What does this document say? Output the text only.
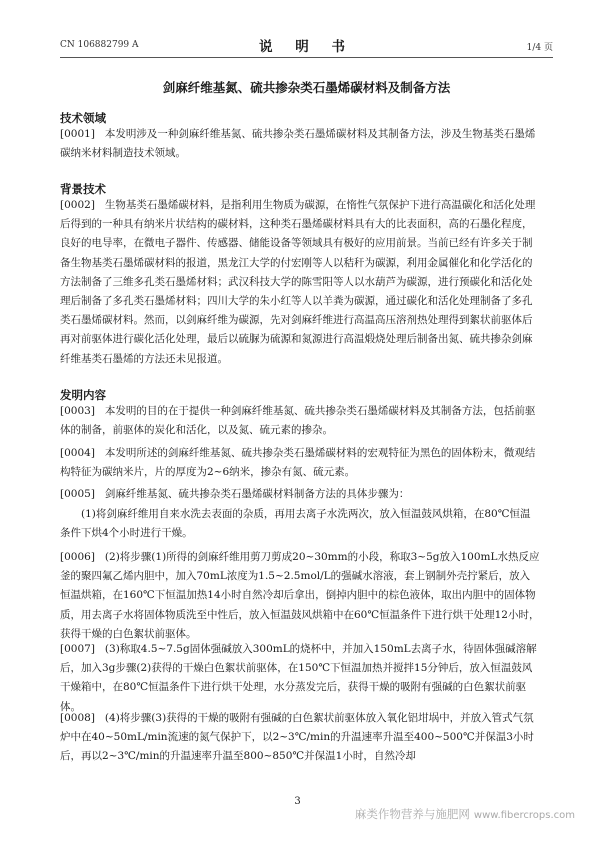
CN 106882799 A	说 明 书	1/4 页
剑麻纤维基氮、硫共掺杂类石墨烯碳材料及制备方法
技术领域
[0001] 本发明涉及一种剑麻纤维基氮、硫共掺杂类石墨烯碳材料及其制备方法，涉及生物基类石墨烯碳纳米材料制造技术领域。
背景技术
[0002] 生物基类石墨烯碳材料，是指利用生物质为碳源，在惰性气氛保护下进行高温碳化和活化处理后得到的一种具有纳米片状结构的碳材料，这种类石墨烯碳材料具有大的比表面积，高的石墨化程度，良好的电导率，在微电子器件、传感器、储能设备等领域具有极好的应用前景。当前已经有许多关于制备生物基类石墨烯碳材料的报道，黑龙江大学的付宏刚等人以秸秆为碳源，利用金属催化和化学活化的方法制备了三维多孔类石墨烯材料；武汉科技大学的陈雪阳等人以水葫芦为碳源，进行预碳化和活化处理后制备了多孔类石墨烯材料；四川大学的朱小红等人以羊粪为碳源，通过碳化和活化处理制备了多孔类石墨烯碳材料。然而，以剑麻纤维为碳源，先对剑麻纤维进行高温高压溶剂热处理得到絮状前驱体后再对前驱体进行碳化活化处理，最后以硫脲为硫源和氮源进行高温煅烧处理后制备出氮、硫共掺杂剑麻纤维基类石墨烯的方法还未见报道。
发明内容
[0003] 本发明的目的在于提供一种剑麻纤维基氮、硫共掺杂类石墨烯碳材料及其制备方法，包括前驱体的制备，前驱体的炭化和活化，以及氮、硫元素的掺杂。
[0004] 本发明所述的剑麻纤维基氮、硫共掺杂类石墨烯碳材料的宏观特征为黑色的固体粉末，微观结构特征为碳纳米片，片的厚度为2~6纳米，掺杂有氮、硫元素。
[0005] 剑麻纤维基氮、硫共掺杂类石墨烯碳材料制备方法的具体步骤为：
(1)将剑麻纤维用自来水洗去表面的杂质，再用去离子水洗两次，放入恒温鼓风烘箱，在80℃恒温条件下烘4个小时进行干燥。
[0006] (2)将步骤(1)所得的剑麻纤维用剪刀剪成20~30mm的小段，称取3~5g放入100mL水热反应釜的聚四氟乙烯内胆中，加入70mL浓度为1.5~2.5mol/L的强碱水溶液，套上钢制外壳拧紧后，放入恒温烘箱，在160℃下恒温加热14小时自然冷却后拿出，倒掉内胆中的棕色液体，取出内胆中的固体物质，用去离子水将固体物质洗至中性后，放入恒温鼓风烘箱中在60℃恒温条件下进行烘干处理12小时，获得干燥的白色絮状前驱体。
[0007] (3)称取4.5~7.5g固体强碱放入300mL的烧杯中，并加入150mL去离子水，待固体强碱溶解后，加入3g步骤(2)获得的干燥白色絮状前驱体，在150℃下恒温加热并搅拌15分钟后，放入恒温鼓风干燥箱中，在80℃恒温条件下进行烘干处理，水分蒸发完后，获得干燥的吸附有强碱的白色絮状前驱体。
[0008] (4)将步骤(3)获得的干燥的吸附有强碱的白色絮状前驱体放入氧化铝坩埚中，并放入管式气氛炉中在40~50mL/min流速的氮气保护下，以2~3℃/min的升温速率升温至400~500℃并保温3小时后，再以2~3℃/min的升温速率升温至800~850℃并保温1小时，自然冷却
3
麻类作物营养与施肥网 www.fibercrops.com
